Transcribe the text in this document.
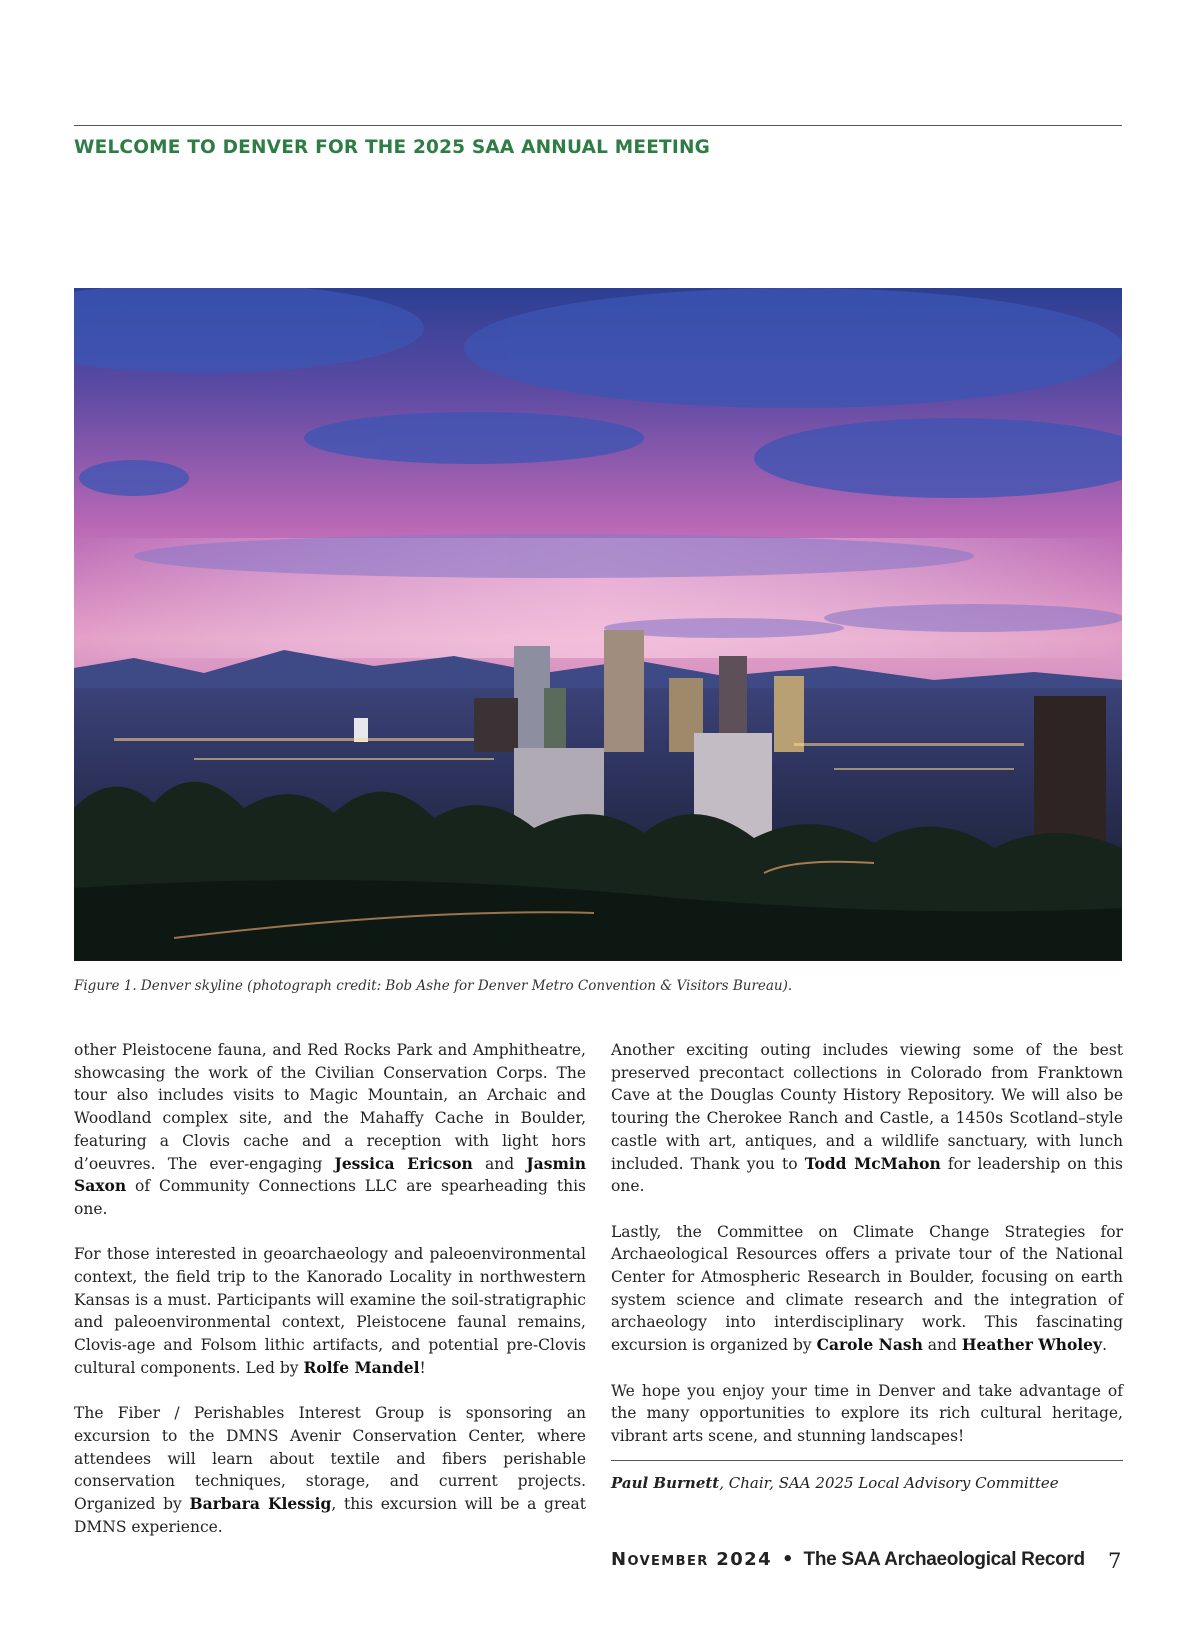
WELCOME TO DENVER FOR THE 2025 SAA ANNUAL MEETING
Figure 1. Denver skyline (photograph credit: Bob Ashe for Denver Metro Convention & Visitors Bureau).

other Pleistocene fauna, and Red Rocks Park and Amphitheatre, showcasing the work of the Civilian Conservation Corps. The tour also includes visits to Magic Mountain, an Archaic and Woodland complex site, and the Mahaffy Cache in Boulder, featuring a Clovis cache and a reception with light hors d’oeuvres. The ever-engaging Jessica Ericson and Jasmin Saxon of Community Connections LLC are spearheading this one.

For those interested in geoarchaeology and paleoenvironmental context, the field trip to the Kanorado Locality in northwestern Kansas is a must. Participants will examine the soil-stratigraphic and paleoenvironmental context, Pleistocene faunal remains, Clovis-age and Folsom lithic artifacts, and potential pre-Clovis cultural components. Led by Rolfe Mandel!

The Fiber / Perishables Interest Group is sponsoring an excursion to the DMNS Avenir Conservation Center, where attendees will learn about textile and fibers perishable conservation techniques, storage, and current projects. Organized by Barbara Klessig, this excursion will be a great DMNS experience.

Another exciting outing includes viewing some of the best preserved precontact collections in Colorado from Franktown Cave at the Douglas County History Repository. We will also be touring the Cherokee Ranch and Castle, a 1450s Scotland–style castle with art, antiques, and a wildlife sanctuary, with lunch included. Thank you to Todd McMahon for leadership on this one.

Lastly, the Committee on Climate Change Strategies for Archaeological Resources offers a private tour of the National Center for Atmospheric Research in Boulder, focusing on earth system science and climate research and the integration of archaeology into interdisciplinary work. This fascinating excursion is organized by Carole Nash and Heather Wholey.

We hope you enjoy your time in Denver and take advantage of the many opportunities to explore its rich cultural heritage, vibrant arts scene, and stunning landscapes!

Paul Burnett, Chair, SAA 2025 Local Advisory Committee
November 2024 • The SAA Archaeological Record 7
